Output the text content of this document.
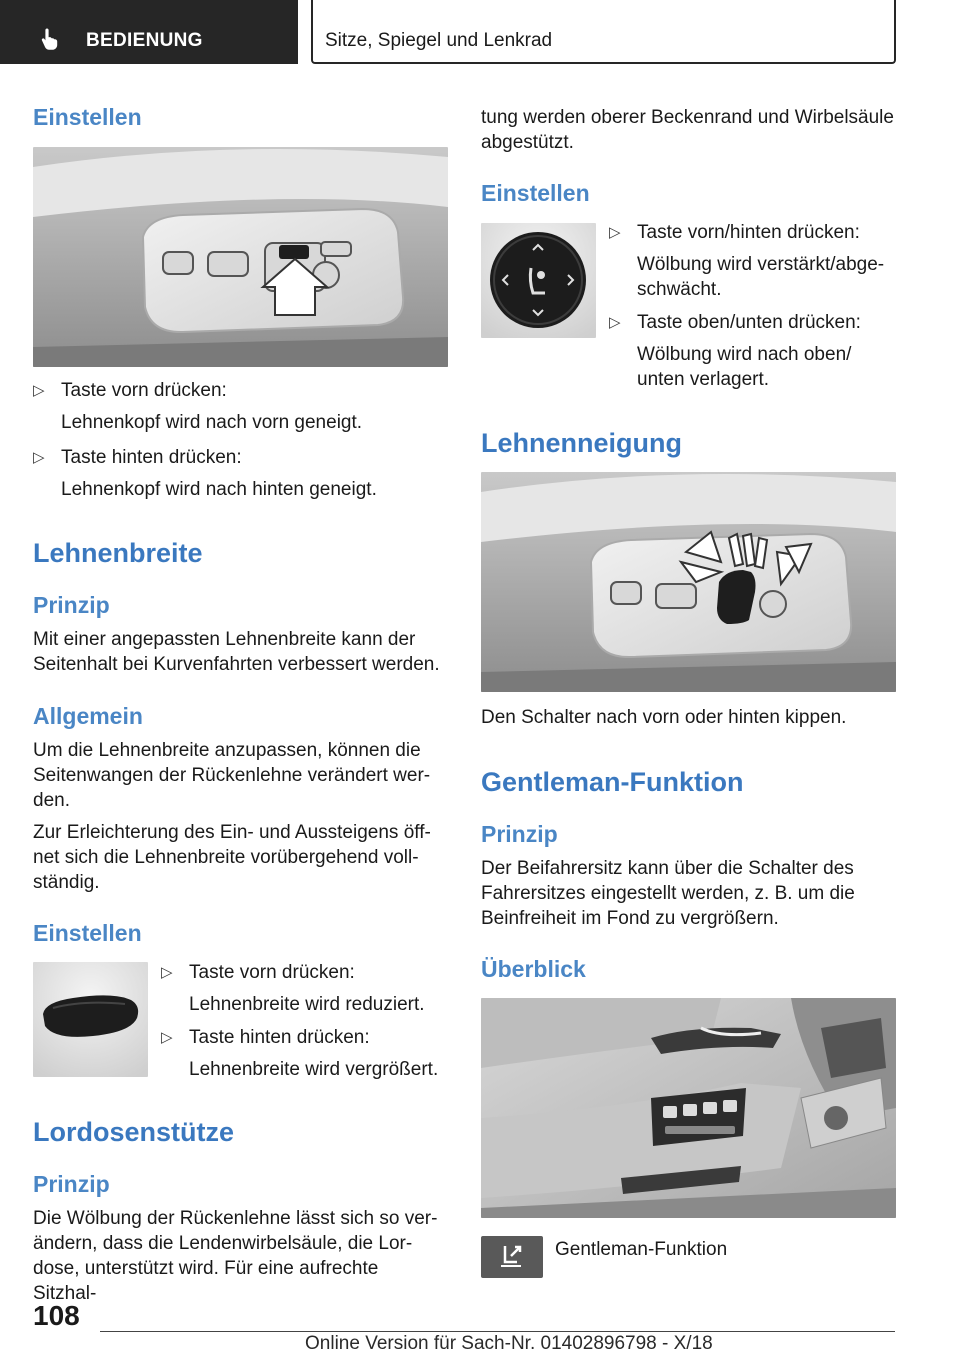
BEDIENUNG	Sitze, Spiegel und Lenkrad
Einstellen
▷ Taste vorn drücken:
Lehnenkopf wird nach vorn geneigt.
▷ Taste hinten drücken:
Lehnenkopf wird nach hinten geneigt.
Lehnenbreite
Prinzip
Mit einer angepassten Lehnenbreite kann der Seitenhalt bei Kurvenfahrten verbessert werden.
Allgemein
Um die Lehnenbreite anzupassen, können die Seitenwangen der Rückenlehne verändert wer- den.
Zur Erleichterung des Ein- und Aussteigens öff- net sich die Lehnenbreite vorübergehend voll- ständig.
Einstellen
▷ Taste vorn drücken:
Lehnenbreite wird reduziert.
▷ Taste hinten drücken:
Lehnenbreite wird vergrößert.
Lordosenstütze
Prinzip
Die Wölbung der Rückenlehne lässt sich so ver- ändern, dass die Lendenwirbelsäule, die Lor- dose, unterstützt wird. Für eine aufrechte Sitzhal-
tung werden oberer Beckenrand und Wirbelsäule abgestützt.
Einstellen
▷ Taste vorn/hinten drücken:
Wölbung wird verstärkt/abge- schwächt.
▷ Taste oben/unten drücken:
Wölbung wird nach oben/ unten verlagert.
Lehnenneigung
Den Schalter nach vorn oder hinten kippen.
Gentleman-Funktion
Prinzip
Der Beifahrersitz kann über die Schalter des Fahrersitzes eingestellt werden, z. B. um die Beinfreiheit im Fond zu vergrößern.
Überblick
Gentleman-Funktion
108
Online Version für Sach-Nr. 01402896798 - X/18
